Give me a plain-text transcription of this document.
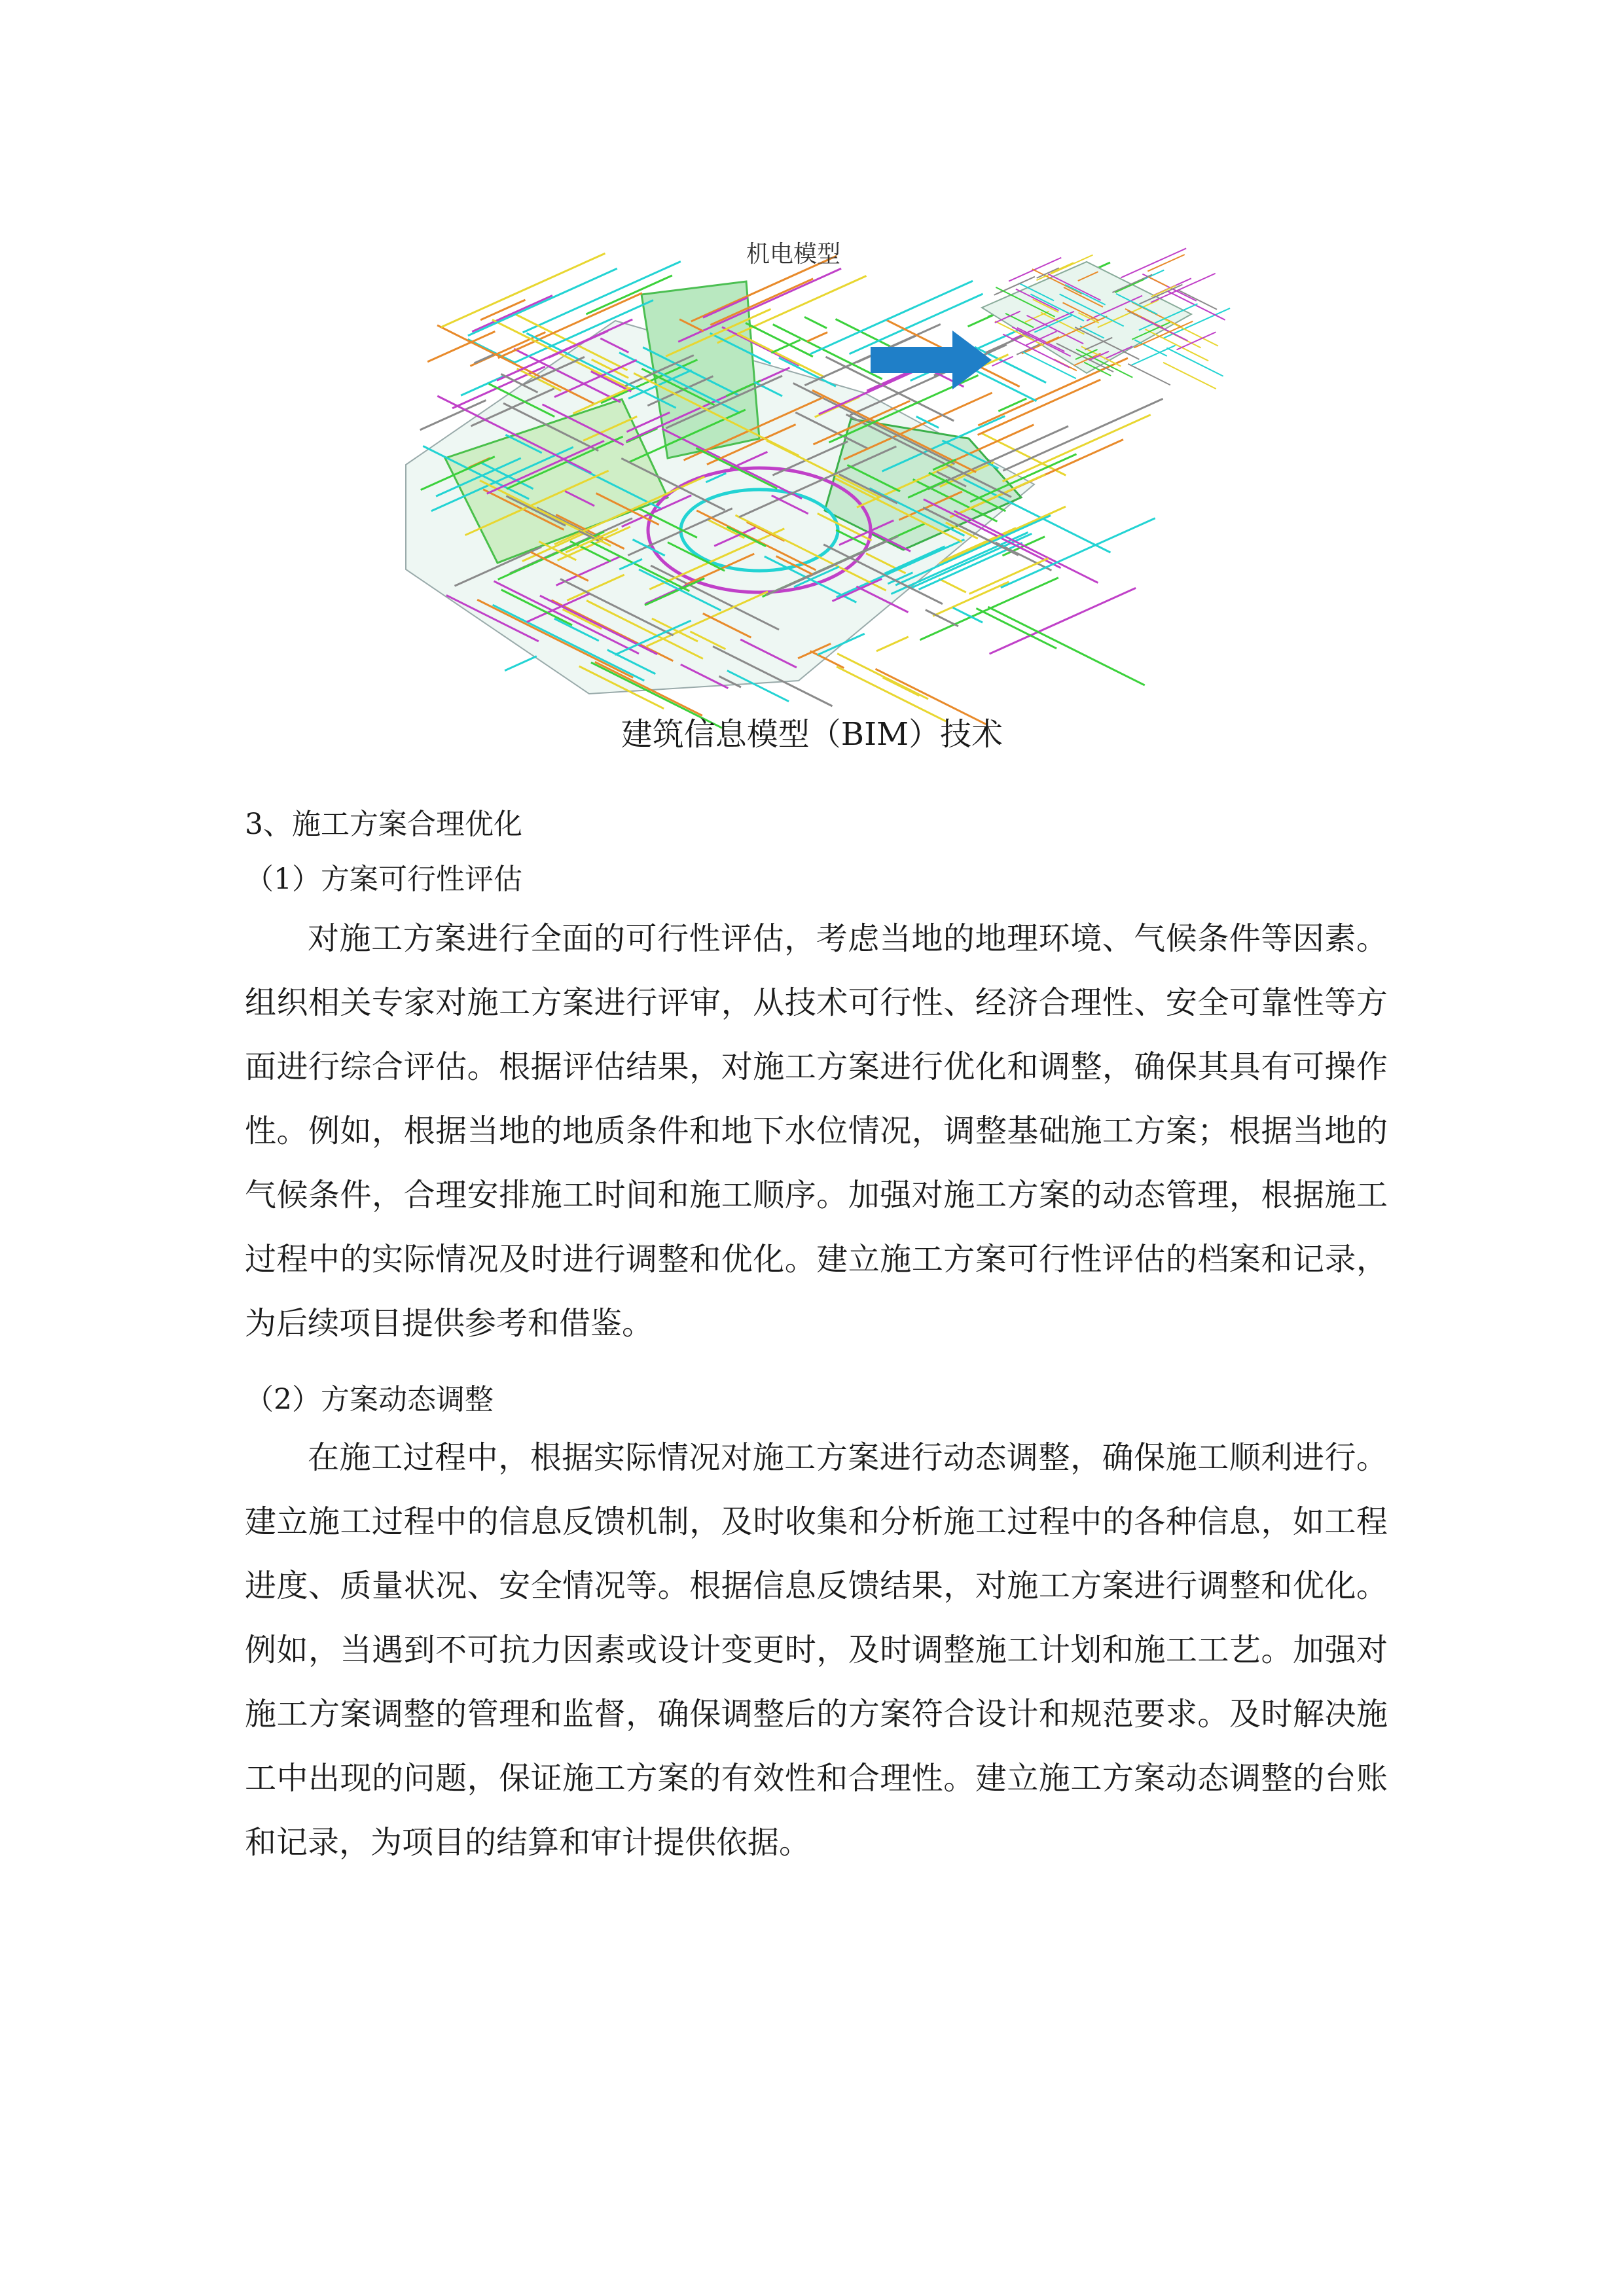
机电模型
建筑信息模型（BIM）技术
3、施工方案合理优化
（1）方案可行性评估
对施工方案进行全面的可行性评估，考虑当地的地理环境、气候条件等因素。组织相关专家对施工方案进行评审，从技术可行性、经济合理性、安全可靠性等方面进行综合评估。根据评估结果，对施工方案进行优化和调整，确保其具有可操作性。例如，根据当地的地质条件和地下水位情况，调整基础施工方案；根据当地的气候条件，合理安排施工时间和施工顺序。加强对施工方案的动态管理，根据施工过程中的实际情况及时进行调整和优化。建立施工方案可行性评估的档案和记录，为后续项目提供参考和借鉴。
（2）方案动态调整
在施工过程中，根据实际情况对施工方案进行动态调整，确保施工顺利进行。建立施工过程中的信息反馈机制，及时收集和分析施工过程中的各种信息，如工程进度、质量状况、安全情况等。根据信息反馈结果，对施工方案进行调整和优化。例如，当遇到不可抗力因素或设计变更时，及时调整施工计划和施工工艺。加强对施工方案调整的管理和监督，确保调整后的方案符合设计和规范要求。及时解决施工中出现的问题，保证施工方案的有效性和合理性。建立施工方案动态调整的台账和记录，为项目的结算和审计提供依据。
